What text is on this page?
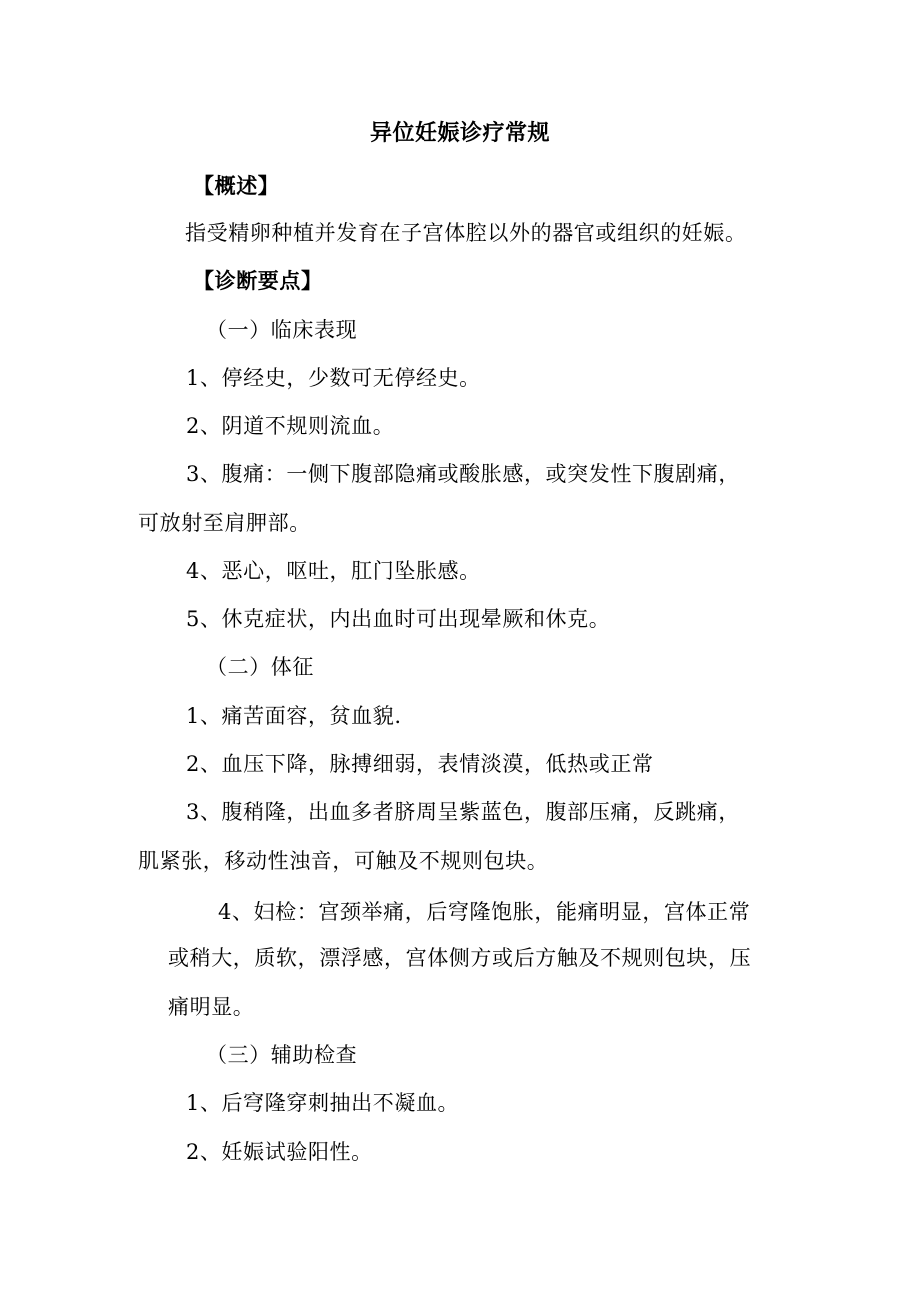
异位妊娠诊疗常规
【概述】
指受精卵种植并发育在子宫体腔以外的器官或组织的妊娠。
【诊断要点】
（一）临床表现
1、停经史，少数可无停经史。
2、阴道不规则流血。
3、腹痛：一侧下腹部隐痛或酸胀感，或突发性下腹剧痛，
可放射至肩胛部。
4、恶心，呕吐，肛门坠胀感。
5、休克症状，内出血时可出现晕厥和休克。
（二）体征
1、痛苦面容，贫血貌.
2、血压下降，脉搏细弱，表情淡漠，低热或正常
3、腹稍隆，出血多者脐周呈紫蓝色，腹部压痛，反跳痛，
肌紧张，移动性浊音，可触及不规则包块。
4、妇检：宫颈举痛，后穹隆饱胀，能痛明显，宫体正常
或稍大，质软，漂浮感，宫体侧方或后方触及不规则包块，压
痛明显。
（三）辅助检查
1、后穹隆穿刺抽出不凝血。
2、妊娠试验阳性。
